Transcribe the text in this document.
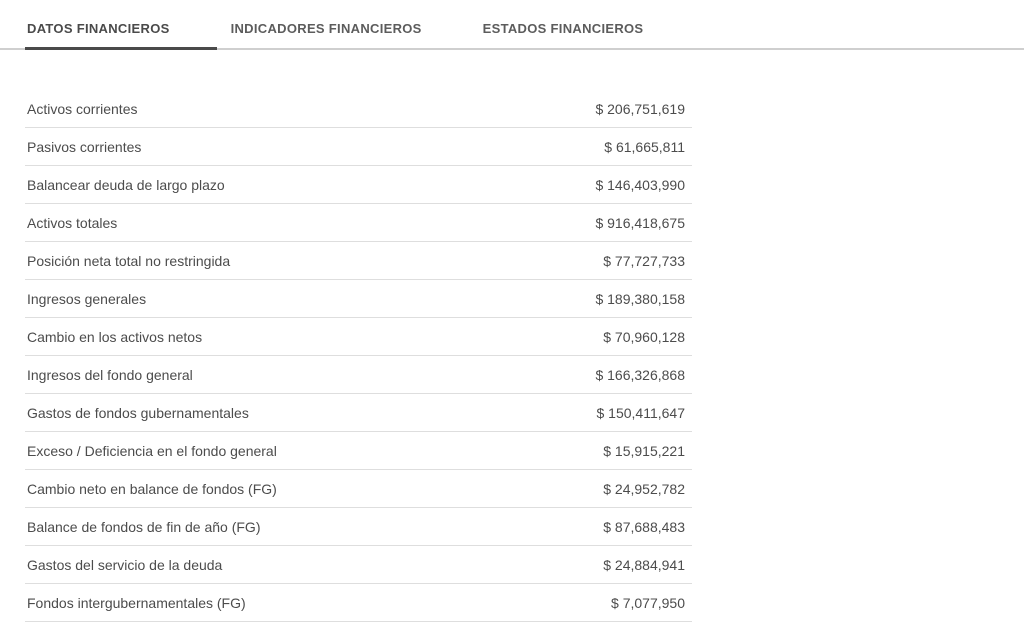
DATOS FINANCIEROS	INDICADORES FINANCIEROS	ESTADOS FINANCIEROS
Activos corrientes	$ 206,751,619
Pasivos corrientes	$ 61,665,811
Balancear deuda de largo plazo	$ 146,403,990
Activos totales	$ 916,418,675
Posición neta total no restringida	$ 77,727,733
Ingresos generales	$ 189,380,158
Cambio en los activos netos	$ 70,960,128
Ingresos del fondo general	$ 166,326,868
Gastos de fondos gubernamentales	$ 150,411,647
Exceso / Deficiencia en el fondo general	$ 15,915,221
Cambio neto en balance de fondos (FG)	$ 24,952,782
Balance de fondos de fin de año (FG)	$ 87,688,483
Gastos del servicio de la deuda	$ 24,884,941
Fondos intergubernamentales (FG)	$ 7,077,950
